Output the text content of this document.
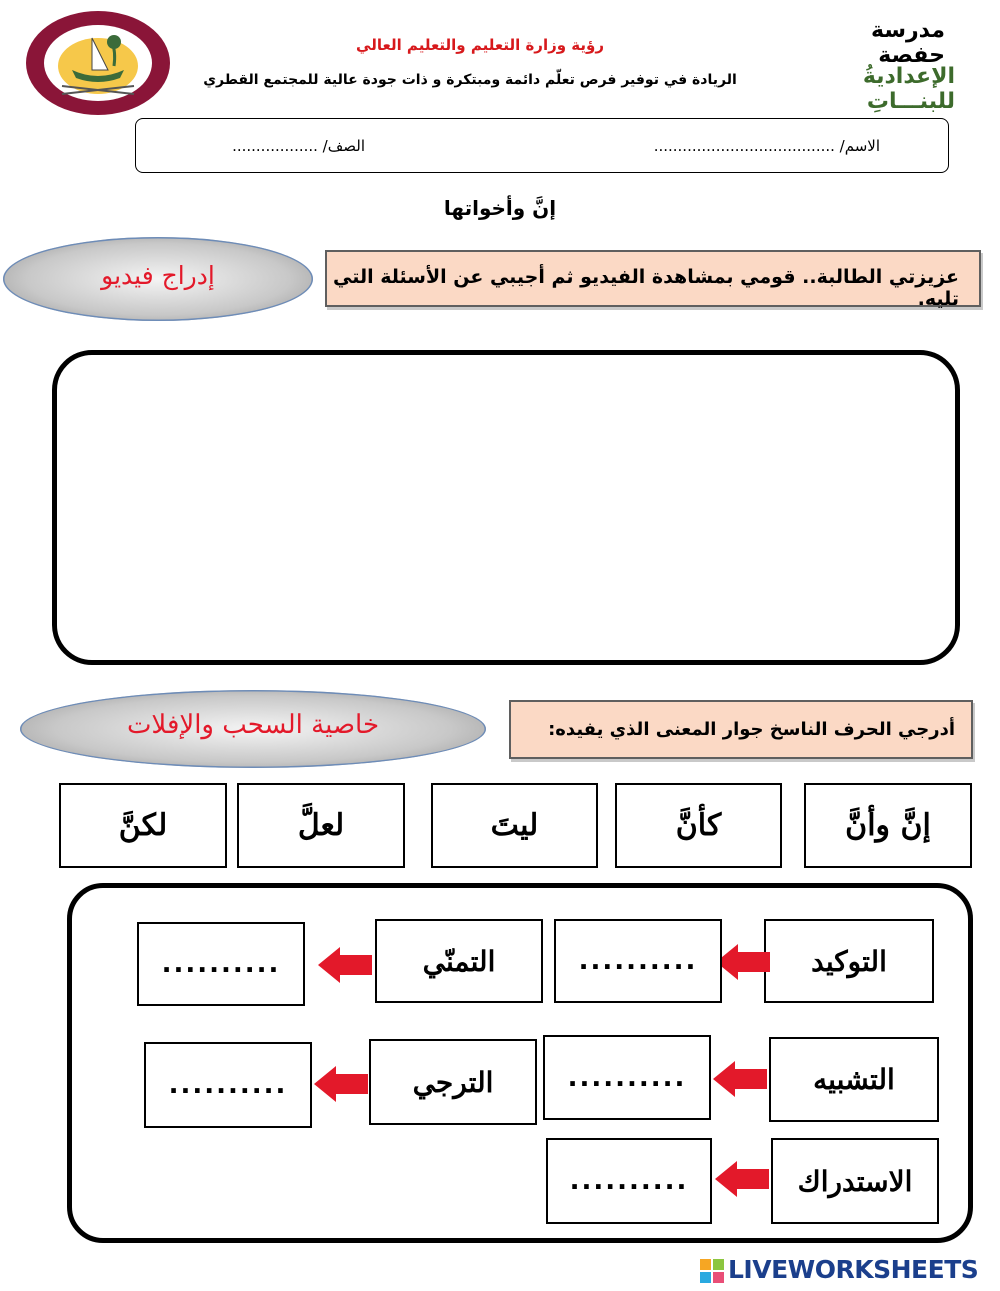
مدرسة حفصة
الإعداديةُ للبنـــاتِ
رؤية وزارة التعليم والتعليم العالي
الريادة في توفير فرص تعلّم دائمة ومبتكرة و ذات جودة عالية للمجتمع القطري
الاسم/ ......................................
الصف/ ..................
إنَّ وأخواتها
إدراج فيديو	عزيزتي الطالبة.. قومي بمشاهدة الفيديو ثم أجيبي عن الأسئلة التي تليه.
خاصية السحب والإفلات	أدرجي الحرف الناسخ جوار المعنى الذي يفيده:
إنَّ وأنَّ
كأنَّ
ليتَ
لعلَّ
لكنَّ
التوكيد
..........
التمنّي
..........
التشبيه
..........
الترجي
..........
الاستدراك
..........
LIVEWORKSHEETS
